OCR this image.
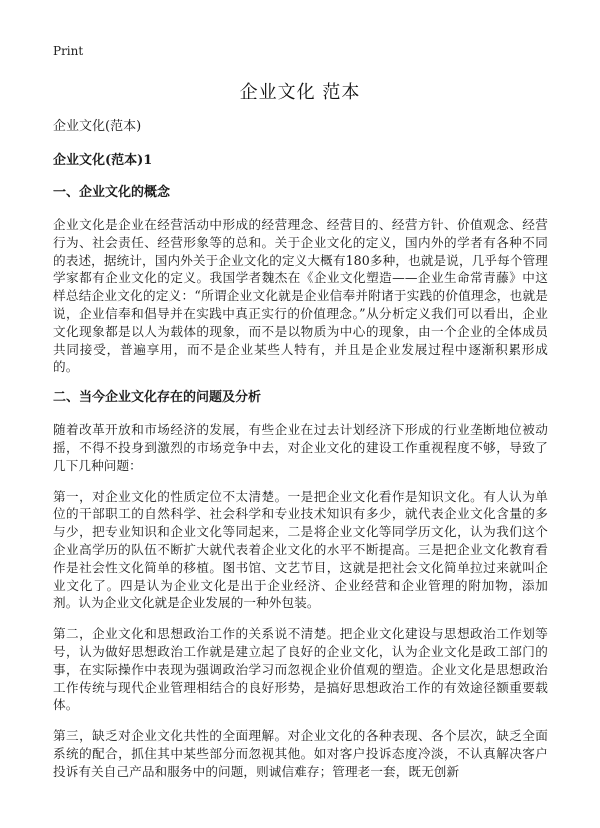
Print
企业文化 范本

企业文化(范本)

企业文化(范本)1

一、企业文化的概念

企业文化是企业在经营活动中形成的经营理念、经营目的、经营方针、价值观念、经营行为、社会责任、经营形象等的总和。关于企业文化的定义，国内外的学者有各种不同的表述，据统计，国内外关于企业文化的定义大概有180多种，也就是说，几乎每个管理学家都有企业文化的定义。我国学者魏杰在《企业文化塑造——企业生命常青藤》中这样总结企业文化的定义：“所谓企业文化就是企业信奉并附诸于实践的价值理念，也就是说，企业信奉和倡导并在实践中真正实行的价值理念。”从分析定义我们可以看出，企业文化现象都是以人为载体的现象，而不是以物质为中心的现象，由一个企业的全体成员共同接受，普遍享用，而不是企业某些人特有，并且是企业发展过程中逐渐积累形成的。

二、当今企业文化存在的问题及分析

随着改革开放和市场经济的发展，有些企业在过去计划经济下形成的行业垄断地位被动摇，不得不投身到激烈的市场竞争中去，对企业文化的建设工作重视程度不够，导致了几下几种问题：

第一，对企业文化的性质定位不太清楚。一是把企业文化看作是知识文化。有人认为单位的干部职工的自然科学、社会科学和专业技术知识有多少，就代表企业文化含量的多与少，把专业知识和企业文化等同起来，二是将企业文化等同学历文化，认为我们这个企业高学历的队伍不断扩大就代表着企业文化的水平不断提高。三是把企业文化教育看作是社会性文化简单的移植。图书馆、文艺节目，这就是把社会文化简单拉过来就叫企业文化了。四是认为企业文化是出于企业经济、企业经营和企业管理的附加物，添加剂。认为企业文化就是企业发展的一种外包装。

第二，企业文化和思想政治工作的关系说不清楚。把企业文化建设与思想政治工作划等号，认为做好思想政治工作就是建立起了良好的企业文化，认为企业文化是政工部门的事，在实际操作中表现为强调政治学习而忽视企业价值观的塑造。企业文化是思想政治工作传统与现代企业管理相结合的良好形势，是搞好思想政治工作的有效途径额重要载体。

第三，缺乏对企业文化共性的全面理解。对企业文化的各种表现、各个层次，缺乏全面系统的配合，抓住其中某些部分而忽视其他。如对客户投诉态度冷淡，不认真解决客户投诉有关自己产品和服务中的问题，则诚信难存；管理老一套，既无创新
